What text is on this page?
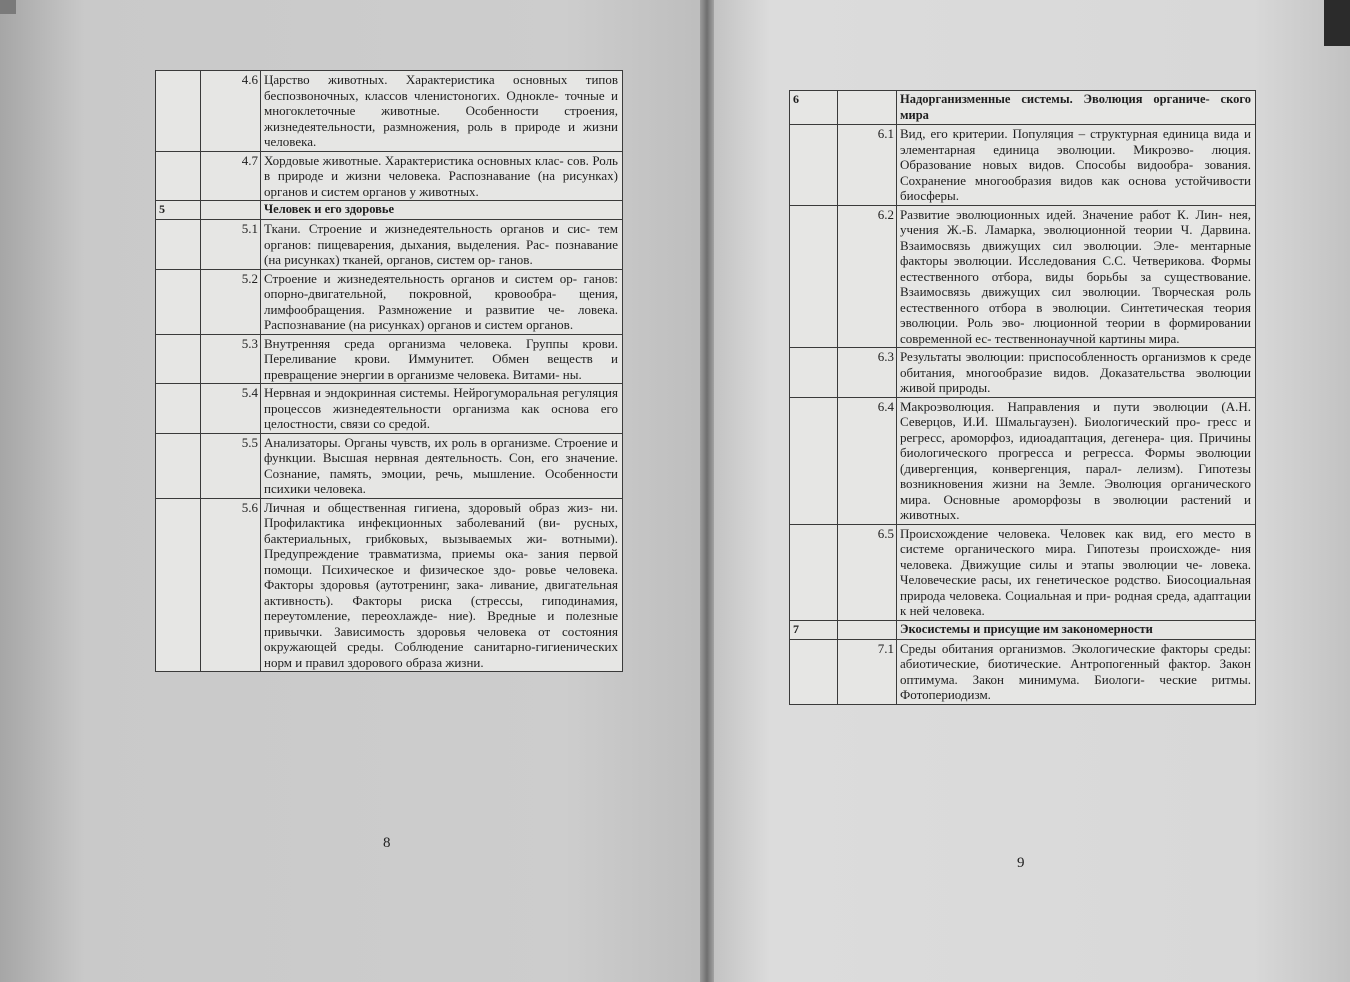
	4.6	Царство животных. Характеристика основных типов беспозвоночных, классов членистоногих. Однокле- точные и многоклеточные животные. Особенности строения, жизнедеятельности, размножения, роль в природе и жизни человека.
	4.7	Хордовые животные. Характеристика основных клас- сов. Роль в природе и жизни человека. Распознавание (на рисунках) органов и систем органов у животных.
5		Человек и его здоровье
	5.1	Ткани. Строение и жизнедеятельность органов и сис- тем органов: пищеварения, дыхания, выделения. Рас- познавание (на рисунках) тканей, органов, систем ор- ганов.
	5.2	Строение и жизнедеятельность органов и систем ор- ганов: опорно-двигательной, покровной, кровообра- щения, лимфообращения. Размножение и развитие че- ловека. Распознавание (на рисунках) органов и систем органов.
	5.3	Внутренняя среда организма человека. Группы крови. Переливание крови. Иммунитет. Обмен веществ и превращение энергии в организме человека. Витами- ны.
	5.4	Нервная и эндокринная системы. Нейрогуморальная регуляция процессов жизнедеятельности организма как основа его целостности, связи со средой.
	5.5	Анализаторы. Органы чувств, их роль в организме. Строение и функции. Высшая нервная деятельность. Сон, его значение. Сознание, память, эмоции, речь, мышление. Особенности психики человека.
	5.6	Личная и общественная гигиена, здоровый образ жиз- ни. Профилактика инфекционных заболеваний (ви- русных, бактериальных, грибковых, вызываемых жи- вотными). Предупреждение травматизма, приемы ока- зания первой помощи. Психическое и физическое здо- ровье человека. Факторы здоровья (аутотренинг, зака- ливание, двигательная активность). Факторы риска (стрессы, гиподинамия, переутомление, переохлажде- ние). Вредные и полезные привычки. Зависимость здоровья человека от состояния окружающей среды. Соблюдение санитарно-гигиенических норм и правил здорового образа жизни.
8
6		Надорганизменные системы. Эволюция органиче- ского мира
	6.1	Вид, его критерии. Популяция – структурная единица вида и элементарная единица эволюции. Микроэво- люция. Образование новых видов. Способы видообра- зования. Сохранение многообразия видов как основа устойчивости биосферы.
	6.2	Развитие эволюционных идей. Значение работ К. Лин- нея, учения Ж.-Б. Ламарка, эволюционной теории Ч. Дарвина. Взаимосвязь движущих сил эволюции. Эле- ментарные факторы эволюции. Исследования С.С. Четверикова. Формы естественного отбора, виды борьбы за существование. Взаимосвязь движущих сил эволюции. Творческая роль естественного отбора в эволюции. Синтетическая теория эволюции. Роль эво- люционной теории в формировании современной ес- тественнонаучной картины мира.
	6.3	Результаты эволюции: приспособленность организмов к среде обитания, многообразие видов. Доказательства эволюции живой природы.
	6.4	Макроэволюция. Направления и пути эволюции (А.Н. Северцов, И.И. Шмальгаузен). Биологический про- гресс и регресс, ароморфоз, идиоадаптация, дегенера- ция. Причины биологического прогресса и регресса. Формы эволюции (дивергенция, конвергенция, парал- лелизм). Гипотезы возникновения жизни на Земле. Эволюция органического мира. Основные ароморфозы в эволюции растений и животных.
	6.5	Происхождение человека. Человек как вид, его место в системе органического мира. Гипотезы происхожде- ния человека. Движущие силы и этапы эволюции че- ловека. Человеческие расы, их генетическое родство. Биосоциальная природа человека. Социальная и при- родная среда, адаптации к ней человека.
7		Экосистемы и присущие им закономерности
	7.1	Среды обитания организмов. Экологические факторы среды: абиотические, биотические. Антропогенный фактор. Закон оптимума. Закон минимума. Биологи- ческие ритмы. Фотопериодизм.
9
